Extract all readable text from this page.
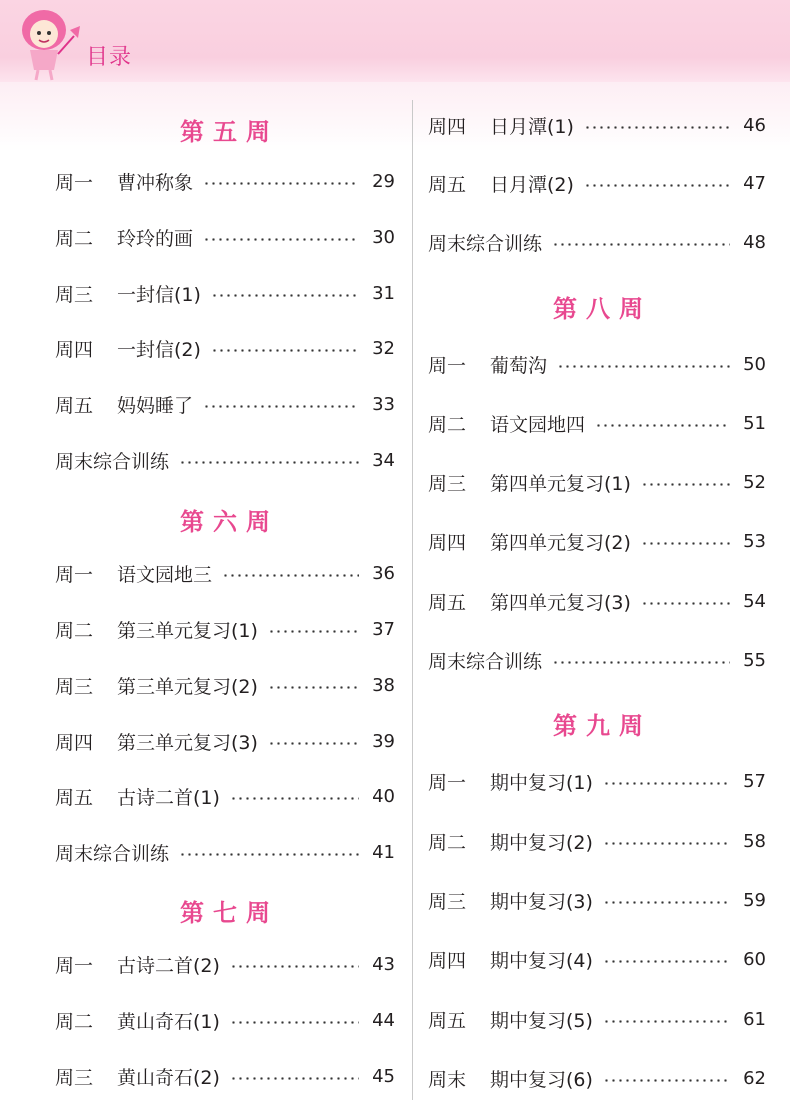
目录
第五周
周一 曹冲称象	29
周二 玲玲的画	30
周三 一封信(1)	31
周四 一封信(2)	32
周五 妈妈睡了	33
周末综合训练	34
第六周
周一 语文园地三	36
周二 第三单元复习(1)	37
周三 第三单元复习(2)	38
周四 第三单元复习(3)	39
周五 古诗二首(1)	40
周末综合训练	41
第七周
周一 古诗二首(2)	43
周二 黄山奇石(1)	44
周三 黄山奇石(2)	45
周四 日月潭(1)	46
周五 日月潭(2)	47
周末综合训练	48
第八周
周一 葡萄沟	50
周二 语文园地四	51
周三 第四单元复习(1)	52
周四 第四单元复习(2)	53
周五 第四单元复习(3)	54
周末综合训练	55
第九周
周一 期中复习(1)	57
周二 期中复习(2)	58
周三 期中复习(3)	59
周四 期中复习(4)	60
周五 期中复习(5)	61
周末 期中复习(6)	62
